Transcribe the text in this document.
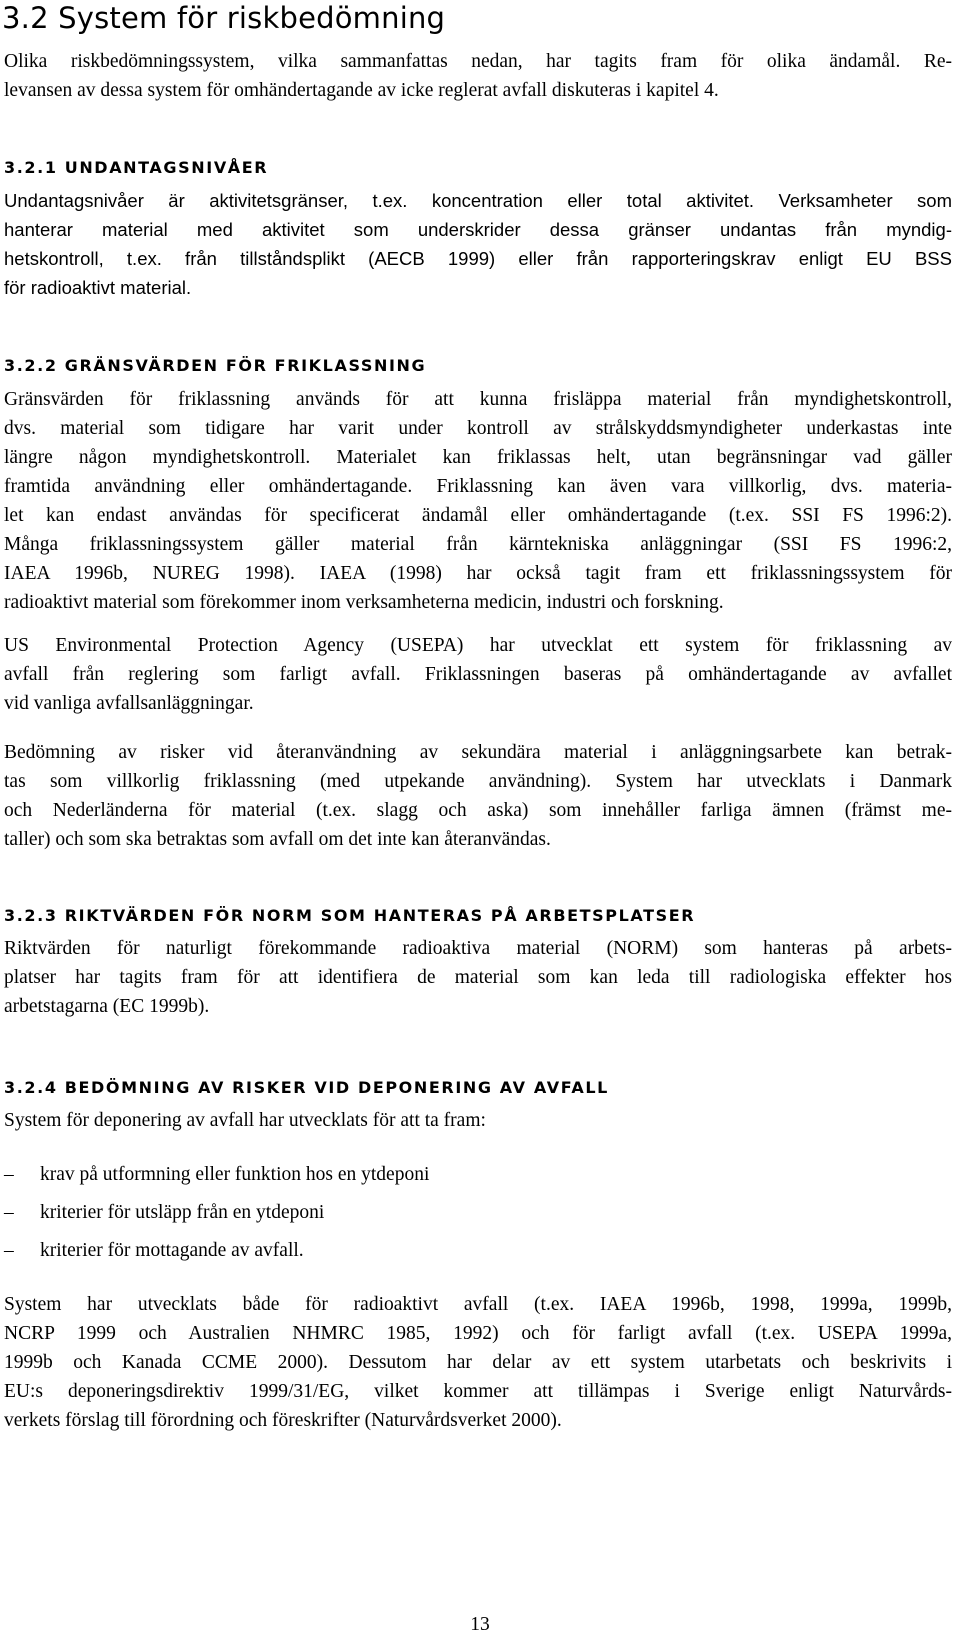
3.2 System för riskbedömning

Olika riskbedömningssystem, vilka sammanfattas nedan, har tagits fram för olika ändamål. Re-
levansen av dessa system för omhändertagande av icke reglerat avfall diskuteras i kapitel 4.

3.2.1 UNDANTAGSNIVÅER

Undantagsnivåer är aktivitetsgränser, t.ex. koncentration eller total aktivitet. Verksamheter som
hanterar material med aktivitet som underskrider dessa gränser undantas från myndig-
hetskontroll, t.ex. från tillståndsplikt (AECB 1999) eller från rapporteringskrav enligt EU BSS
för radioaktivt material.

3.2.2 GRÄNSVÄRDEN FÖR FRIKLASSNING

Gränsvärden för friklassning används för att kunna frisläppa material från myndighetskontroll,
dvs. material som tidigare har varit under kontroll av strålskyddsmyndigheter underkastas inte
längre någon myndighetskontroll. Materialet kan friklassas helt, utan begränsningar vad gäller
framtida användning eller omhändertagande. Friklassning kan även vara villkorlig, dvs. materia-
let kan endast användas för specificerat ändamål eller omhändertagande (t.ex. SSI FS 1996:2).
Många friklassningssystem gäller material från kärntekniska anläggningar (SSI FS 1996:2,
IAEA 1996b, NUREG 1998). IAEA (1998) har också tagit fram ett friklassningssystem för
radioaktivt material som förekommer inom verksamheterna medicin, industri och forskning.

US Environmental Protection Agency (USEPA) har utvecklat ett system för friklassning av
avfall från reglering som farligt avfall. Friklassningen baseras på omhändertagande av avfallet
vid vanliga avfallsanläggningar.

Bedömning av risker vid återanvändning av sekundära material i anläggningsarbete kan betrak-
tas som villkorlig friklassning (med utpekande användning). System har utvecklats i Danmark
och Nederländerna för material (t.ex. slagg och aska) som innehåller farliga ämnen (främst me-
taller) och som ska betraktas som avfall om det inte kan återanvändas.

3.2.3 RIKTVÄRDEN FÖR NORM SOM HANTERAS PÅ ARBETSPLATSER

Riktvärden för naturligt förekommande radioaktiva material (NORM) som hanteras på arbets-
platser har tagits fram för att identifiera de material som kan leda till radiologiska effekter hos
arbetstagarna (EC 1999b).

3.2.4 BEDÖMNING AV RISKER VID DEPONERING AV AVFALL

System för deponering av avfall har utvecklats för att ta fram:

– krav på utformning eller funktion hos en ytdeponi
– kriterier för utsläpp från en ytdeponi
– kriterier för mottagande av avfall.

System har utvecklats både för radioaktivt avfall (t.ex. IAEA 1996b, 1998, 1999a, 1999b,
NCRP 1999 och Australien NHMRC 1985, 1992) och för farligt avfall (t.ex. USEPA 1999a,
1999b och Kanada CCME 2000). Dessutom har delar av ett system utarbetats och beskrivits i
EU:s deponeringsdirektiv 1999/31/EG, vilket kommer att tillämpas i Sverige enligt Naturvårds-
verkets förslag till förordning och föreskrifter (Naturvårdsverket 2000).

13
